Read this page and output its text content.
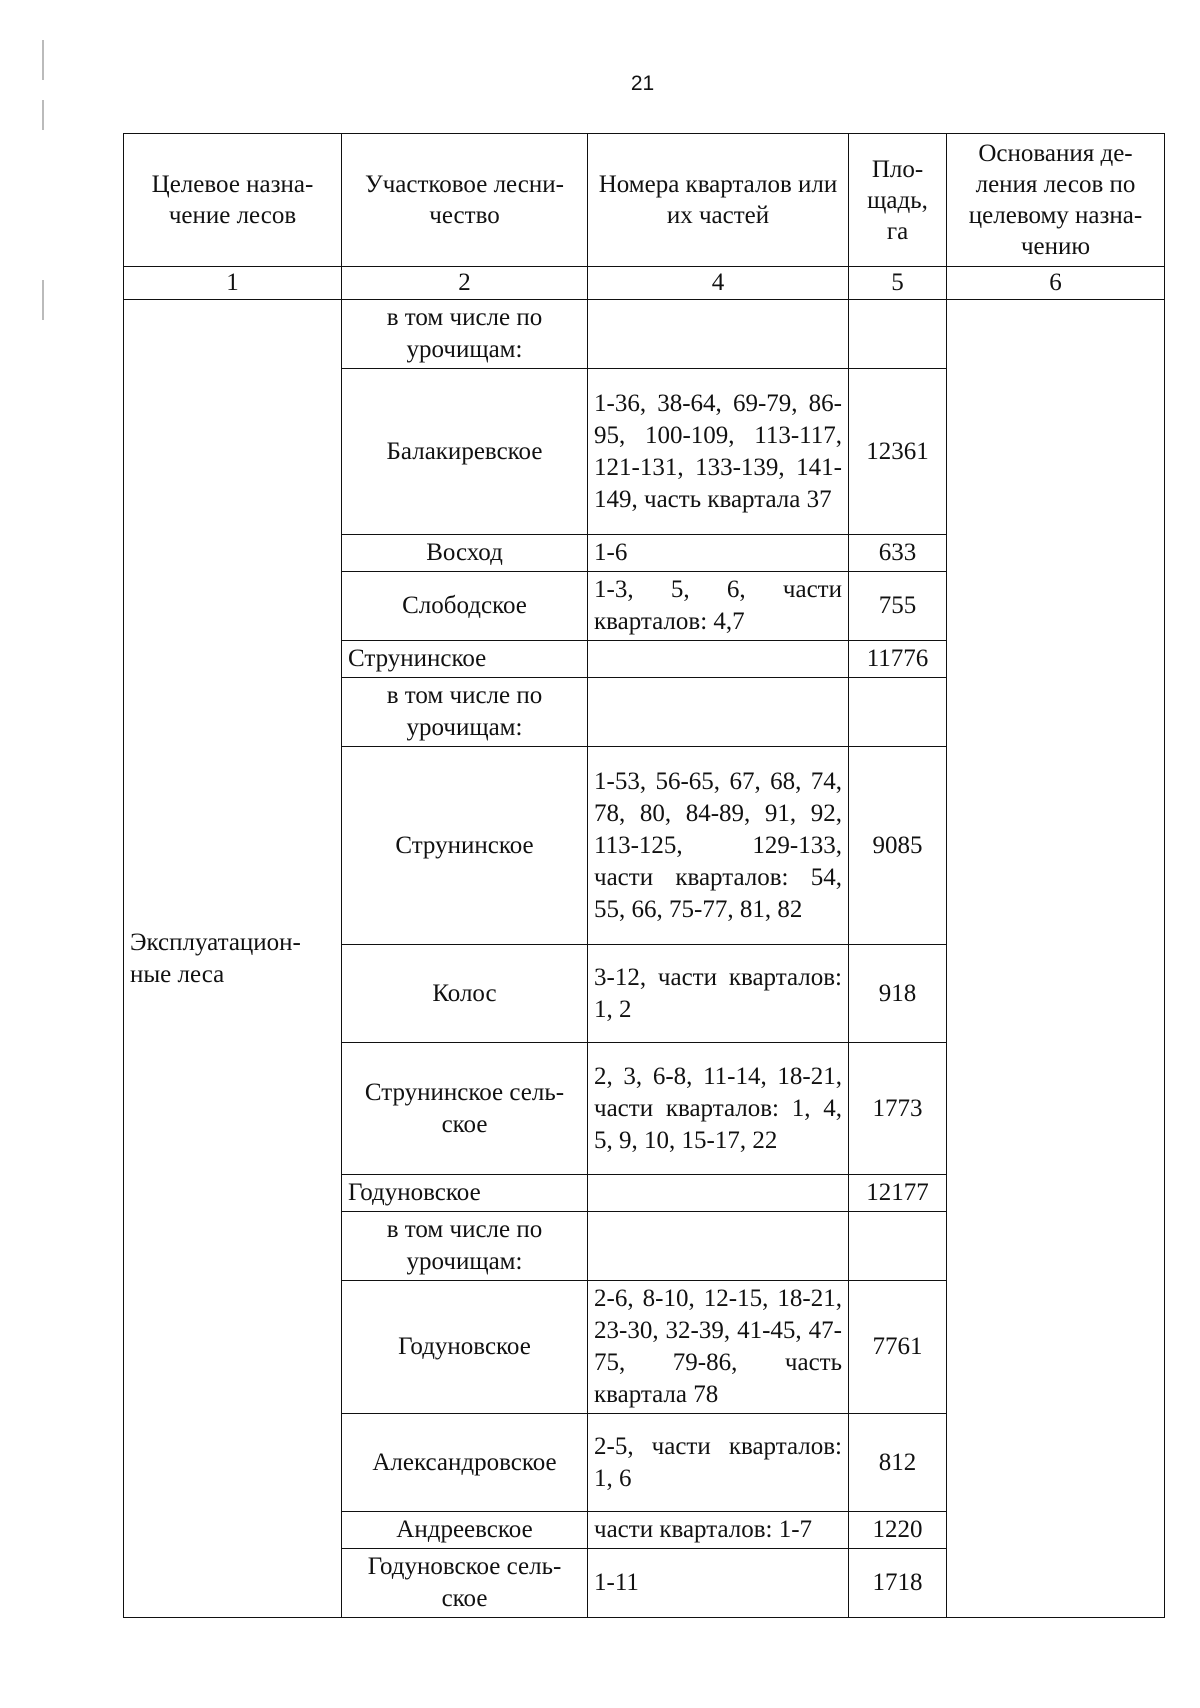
21
Целевое назна-чение лесов	Участковое лесни-чество	Номера кварталов или их частей	Пло-щадь, га	Основания де-ления лесов по целевому назна-чению
1	2	4	5	6
Эксплуатацион-ные леса	в том числе по урочищам:			
	Балакиревское	1-36, 38-64, 69-79, 86-95, 100-109, 113-117, 121-131, 133-139, 141-149, часть квартала 37	12361	
	Восход	1-6	633	
	Слободское	1-3, 5, 6, части кварталов: 4,7	755	
	Струнинское		11776	
	в том числе по урочищам:			
	Струнинское	1-53, 56-65, 67, 68, 74, 78, 80, 84-89, 91, 92, 113-125, 129-133, части кварталов: 54, 55, 66, 75-77, 81, 82	9085	
	Колос	3-12, части кварталов: 1, 2	918	
	Струнинское сель-ское	2, 3, 6-8, 11-14, 18-21, части кварталов: 1, 4, 5, 9, 10, 15-17, 22	1773	
	Годуновское		12177	
	в том числе по урочищам:			
	Годуновское	2-6, 8-10, 12-15, 18-21, 23-30, 32-39, 41-45, 47-75, 79-86, часть квартала 78	7761	
	Александровское	2-5, части кварталов: 1, 6	812	
	Андреевское	части кварталов: 1-7	1220	
	Годуновское сель-ское	1-11	1718	
